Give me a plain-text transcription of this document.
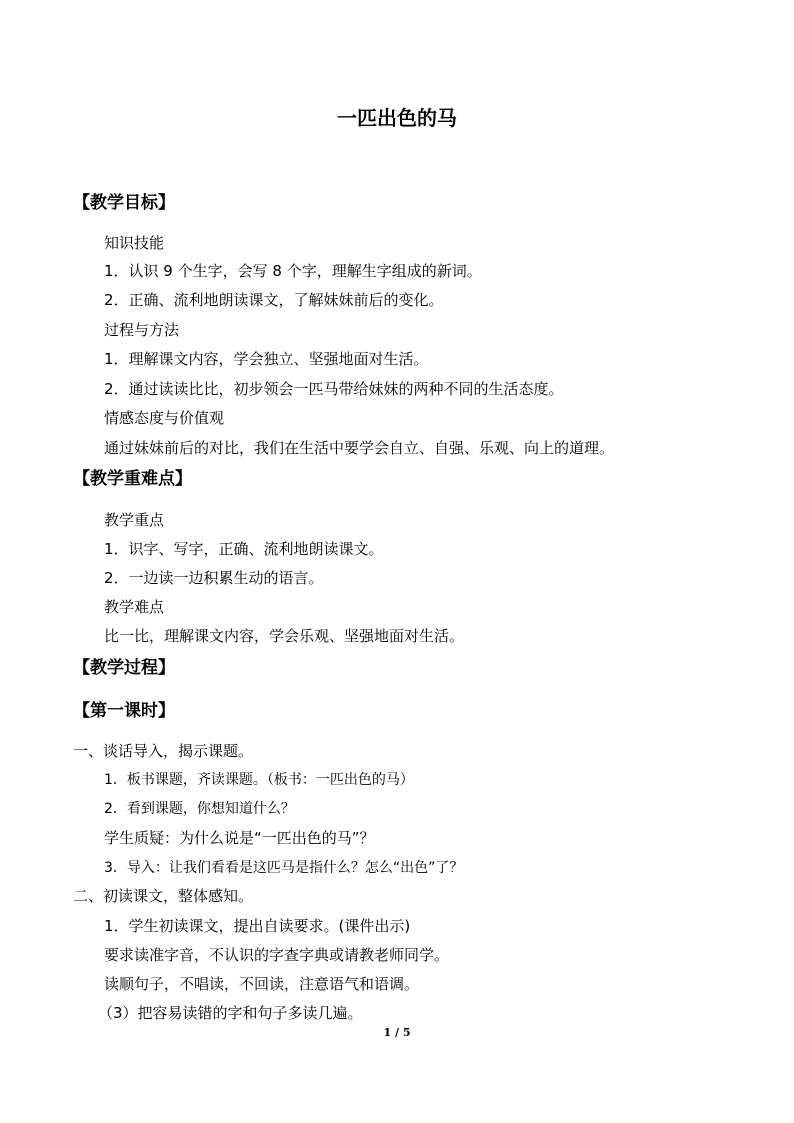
一匹出色的马
【教学目标】
知识技能
1．认识 9 个生字，会写 8 个字，理解生字组成的新词。
2．正确、流利地朗读课文，了解妹妹前后的变化。
过程与方法
1．理解课文内容，学会独立、坚强地面对生活。
2．通过读读比比，初步领会一匹马带给妹妹的两种不同的生活态度。
情感态度与价值观
通过妹妹前后的对比，我们在生活中要学会自立、自强、乐观、向上的道理。
【教学重难点】
教学重点
1．识字、写字，正确、流利地朗读课文。
2．一边读一边积累生动的语言。
教学难点
比一比，理解课文内容，学会乐观、坚强地面对生活。
【教学过程】
【第一课时】
一、谈话导入，揭示课题。
1．板书课题，齐读课题。（板书：一匹出色的马）
2．看到课题，你想知道什么？
学生质疑：为什么说是“一匹出色的马”？
3．导入：让我们看看是这匹马是指什么？怎么“出色”了？
二、初读课文，整体感知。
1．学生初读课文，提出自读要求。(课件出示)
要求读准字音，不认识的字查字典或请教老师同学。
读顺句子，不唱读，不回读，注意语气和语调。
（3）把容易读错的字和句子多读几遍。
1 / 5
